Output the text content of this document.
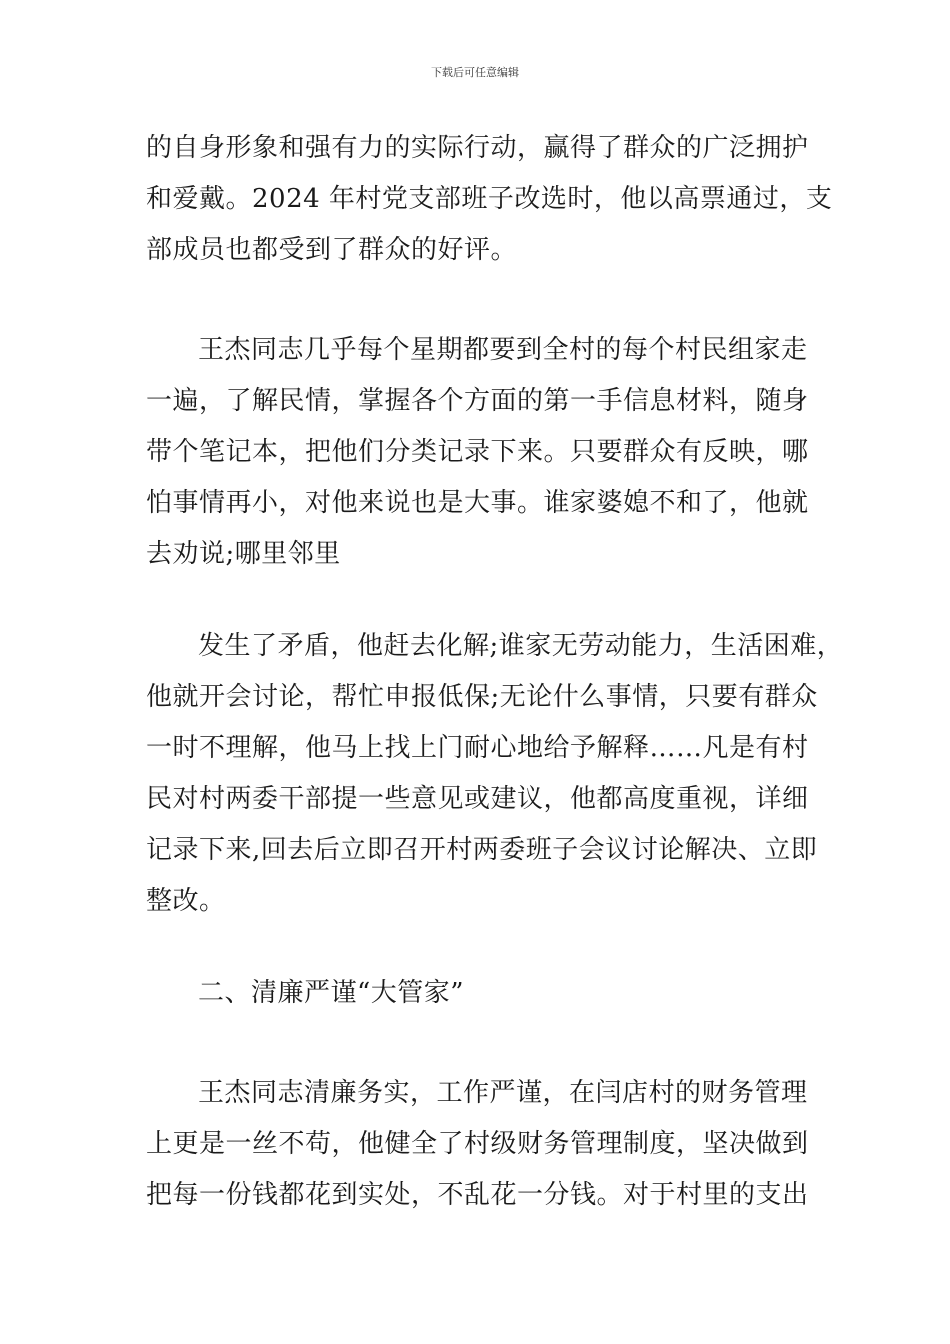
下载后可任意编辑
的自身形象和强有力的实际行动，赢得了群众的广泛拥护
和爱戴。2024 年村党支部班子改选时，他以高票通过，支
部成员也都受到了群众的好评。
王杰同志几乎每个星期都要到全村的每个村民组家走
一遍，了解民情，掌握各个方面的第一手信息材料，随身
带个笔记本，把他们分类记录下来。只要群众有反映，哪
怕事情再小，对他来说也是大事。谁家婆媳不和了，他就
去劝说;哪里邻里
发生了矛盾，他赶去化解;谁家无劳动能力，生活困难，
他就开会讨论，帮忙申报低保;无论什么事情，只要有群众
一时不理解，他马上找上门耐心地给予解释……凡是有村
民对村两委干部提一些意见或建议，他都高度重视，详细
记录下来,回去后立即召开村两委班子会议讨论解决、立即
整改。
二、清廉严谨“大管家”
王杰同志清廉务实，工作严谨，在闫店村的财务管理
上更是一丝不苟，他健全了村级财务管理制度，坚决做到
把每一份钱都花到实处，不乱花一分钱。对于村里的支出
